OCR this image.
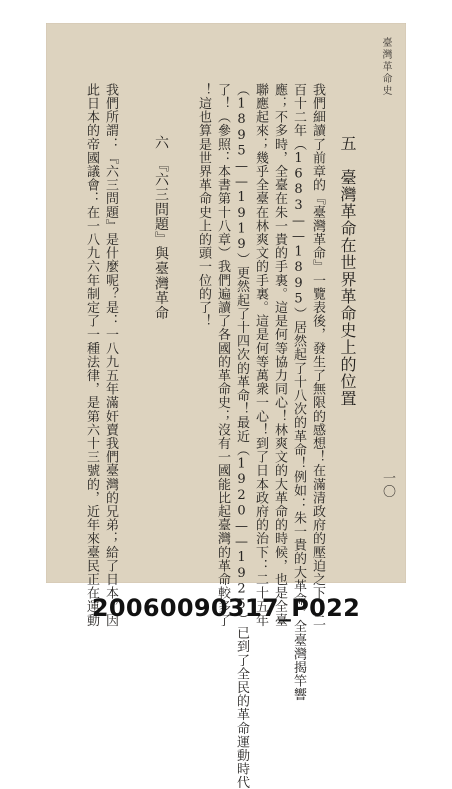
臺灣革命史
一〇
五　臺灣革命在世界革命史上的位置
我們細讀了前章的『臺灣革命』一覽表後，發生了無限的感想！在滿清政府的壓迫之下：二
百十二年（1683——1895）居然起了十八次的革命！例如：朱一貴的大革命，全臺灣揭竿響
應；不多時，全臺在朱一貴的手裏。這是何等協力同心！林爽文的大革命的時候，也是全臺
聯應起來；幾乎全臺在林爽文的手裏。這是何等萬衆一心！到了日本政府的治下：二十五年
（1895——1919）更然起了十四次的革命！最近（1920——1925）已到了全民的革命運動時代
了！（參照：本書第十八章）我們遍讀了各國的革命史；沒有一國能比起臺灣的革命較多了
！這也算是世界革命史上的頭一位的了！
六　『六三問題』與臺灣革命
我們所謂：『六三問題』是什麼呢？是：一八九五年滿奸賣我們臺灣的兄弟；給了日本，因
此日本的帝國議會：在一八九六年制定了一種法律，是第六十三號的，近年來臺民正在運動
20060090317_P022
